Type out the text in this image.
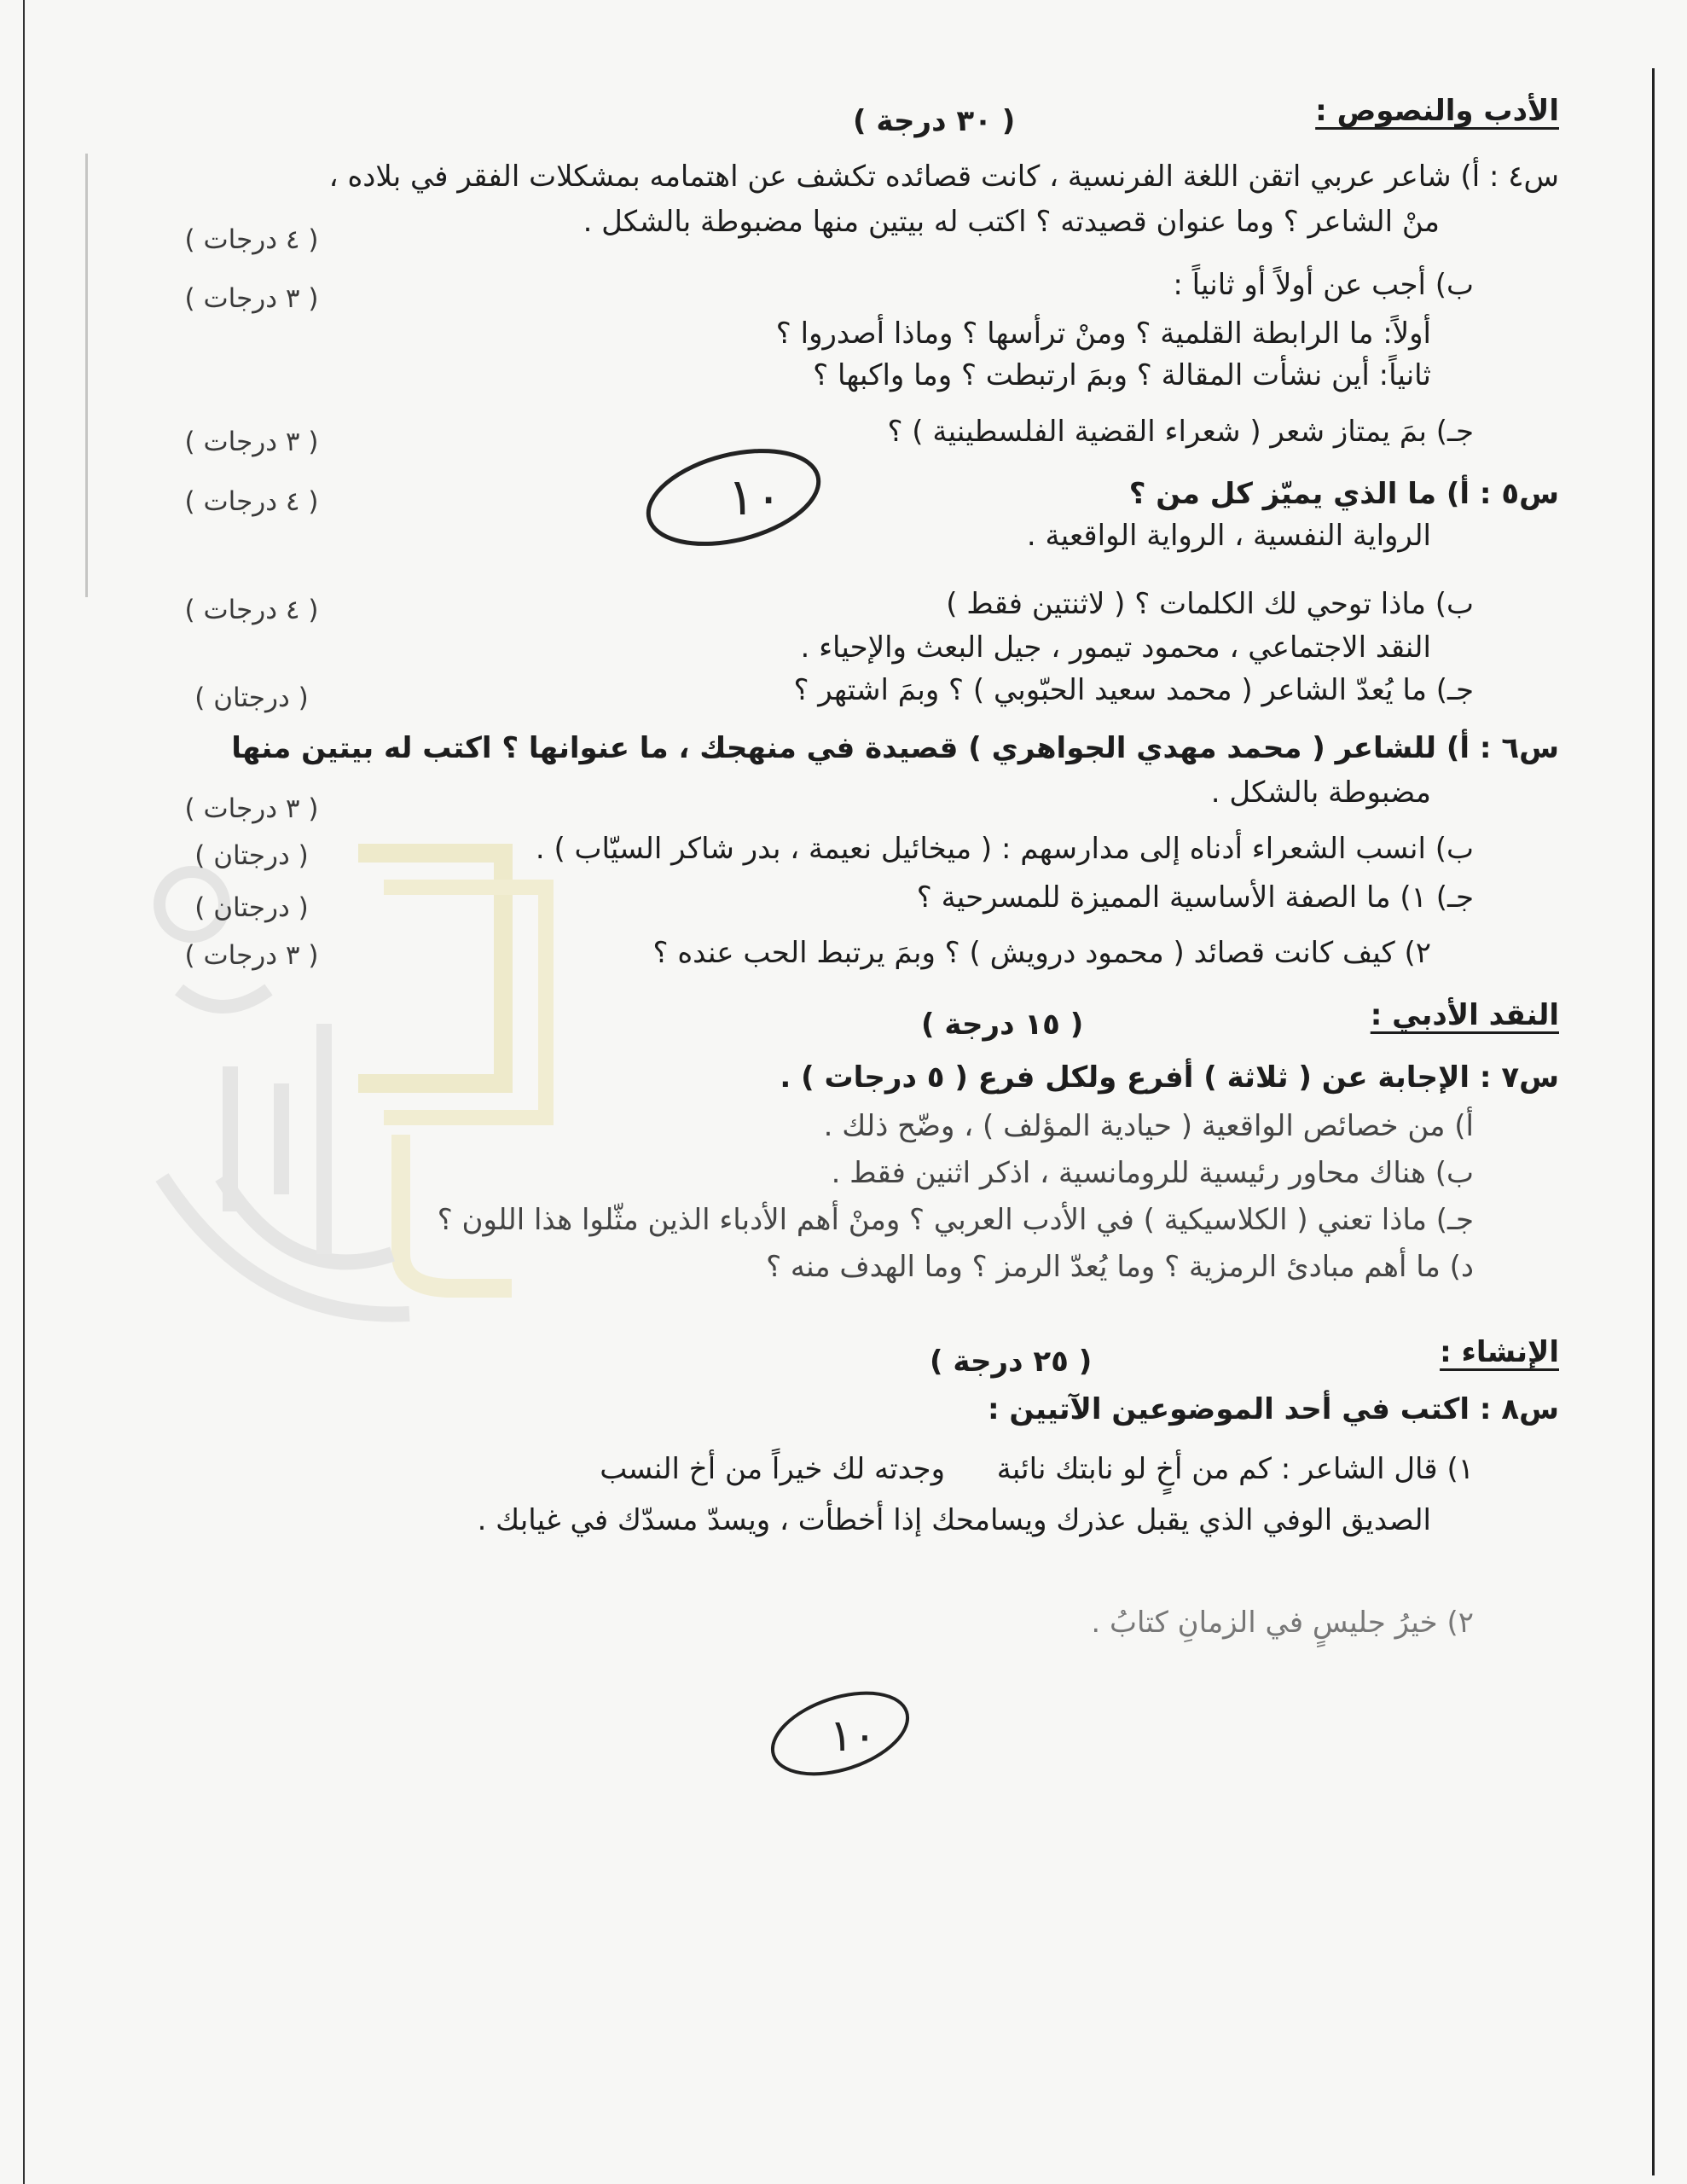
الأدب والنصوص :
( ٣٠ درجة )
س٤ : أ) شاعر عربي اتقن اللغة الفرنسية ، كانت قصائده تكشف عن اهتمامه بمشكلات الفقر في بلاده ،
منْ الشاعر ؟ وما عنوان قصيدته ؟ اكتب له بيتين منها مضبوطة بالشكل .
( ٤ درجات )
ب) أجب عن أولاً أو ثانياً :
( ٣ درجات )
أولاً: ما الرابطة القلمية ؟ ومنْ ترأسها ؟ وماذا أصدروا ؟
ثانياً: أين نشأت المقالة ؟ وبمَ ارتبطت ؟ وما واكبها ؟
جـ) بمَ يمتاز شعر ( شعراء القضية الفلسطينية ) ؟
( ٣ درجات )
١٠	س٥ : أ) ما الذي يميّز كل من ؟
( ٤ درجات )
الرواية النفسية ، الرواية الواقعية .
ب) ماذا توحي لك الكلمات ؟ ( لاثنتين فقط )
( ٤ درجات )
النقد الاجتماعي ، محمود تيمور ، جيل البعث والإحياء .
جـ) ما يُعدّ الشاعر ( محمد سعيد الحبّوبي ) ؟ وبمَ اشتهر ؟
( درجتان )
س٦ : أ) للشاعر ( محمد مهدي الجواهري ) قصيدة في منهجك ، ما عنوانها ؟ اكتب له بيتين منها
مضبوطة بالشكل .
( ٣ درجات )
ب) انسب الشعراء أدناه إلى مدارسهم : ( ميخائيل نعيمة ، بدر شاكر السيّاب ) .
( درجتان )
جـ) ١) ما الصفة الأساسية المميزة للمسرحية ؟
( درجتان )
٢) كيف كانت قصائد ( محمود درويش ) ؟ وبمَ يرتبط الحب عنده ؟
( ٣ درجات )
النقد الأدبي :
( ١٥ درجة )
س٧ : الإجابة عن ( ثلاثة ) أفرع ولكل فرع ( ٥ درجات ) .
أ) من خصائص الواقعية ( حيادية المؤلف ) ، وضّح ذلك .
ب) هناك محاور رئيسية للرومانسية ، اذكر اثنين فقط .
جـ) ماذا تعني ( الكلاسيكية ) في الأدب العربي ؟ ومنْ أهم الأدباء الذين مثّلوا هذا اللون ؟
د) ما أهم مبادئ الرمزية ؟ وما يُعدّ الرمز ؟ وما الهدف منه ؟
الإنشاء :
( ٢٥ درجة )
س٨ : اكتب في أحد الموضوعين الآتيين :
١) قال الشاعر : كم من أخٍ لو نابتك نائبة
وجدته لك خيراً من أخ النسب
الصديق الوفي الذي يقبل عذرك ويسامحك إذا أخطأت ، ويسدّ مسدّك في غيابك .
٢) خيرُ جليسٍ في الزمانِ كتابُ .
١٠
